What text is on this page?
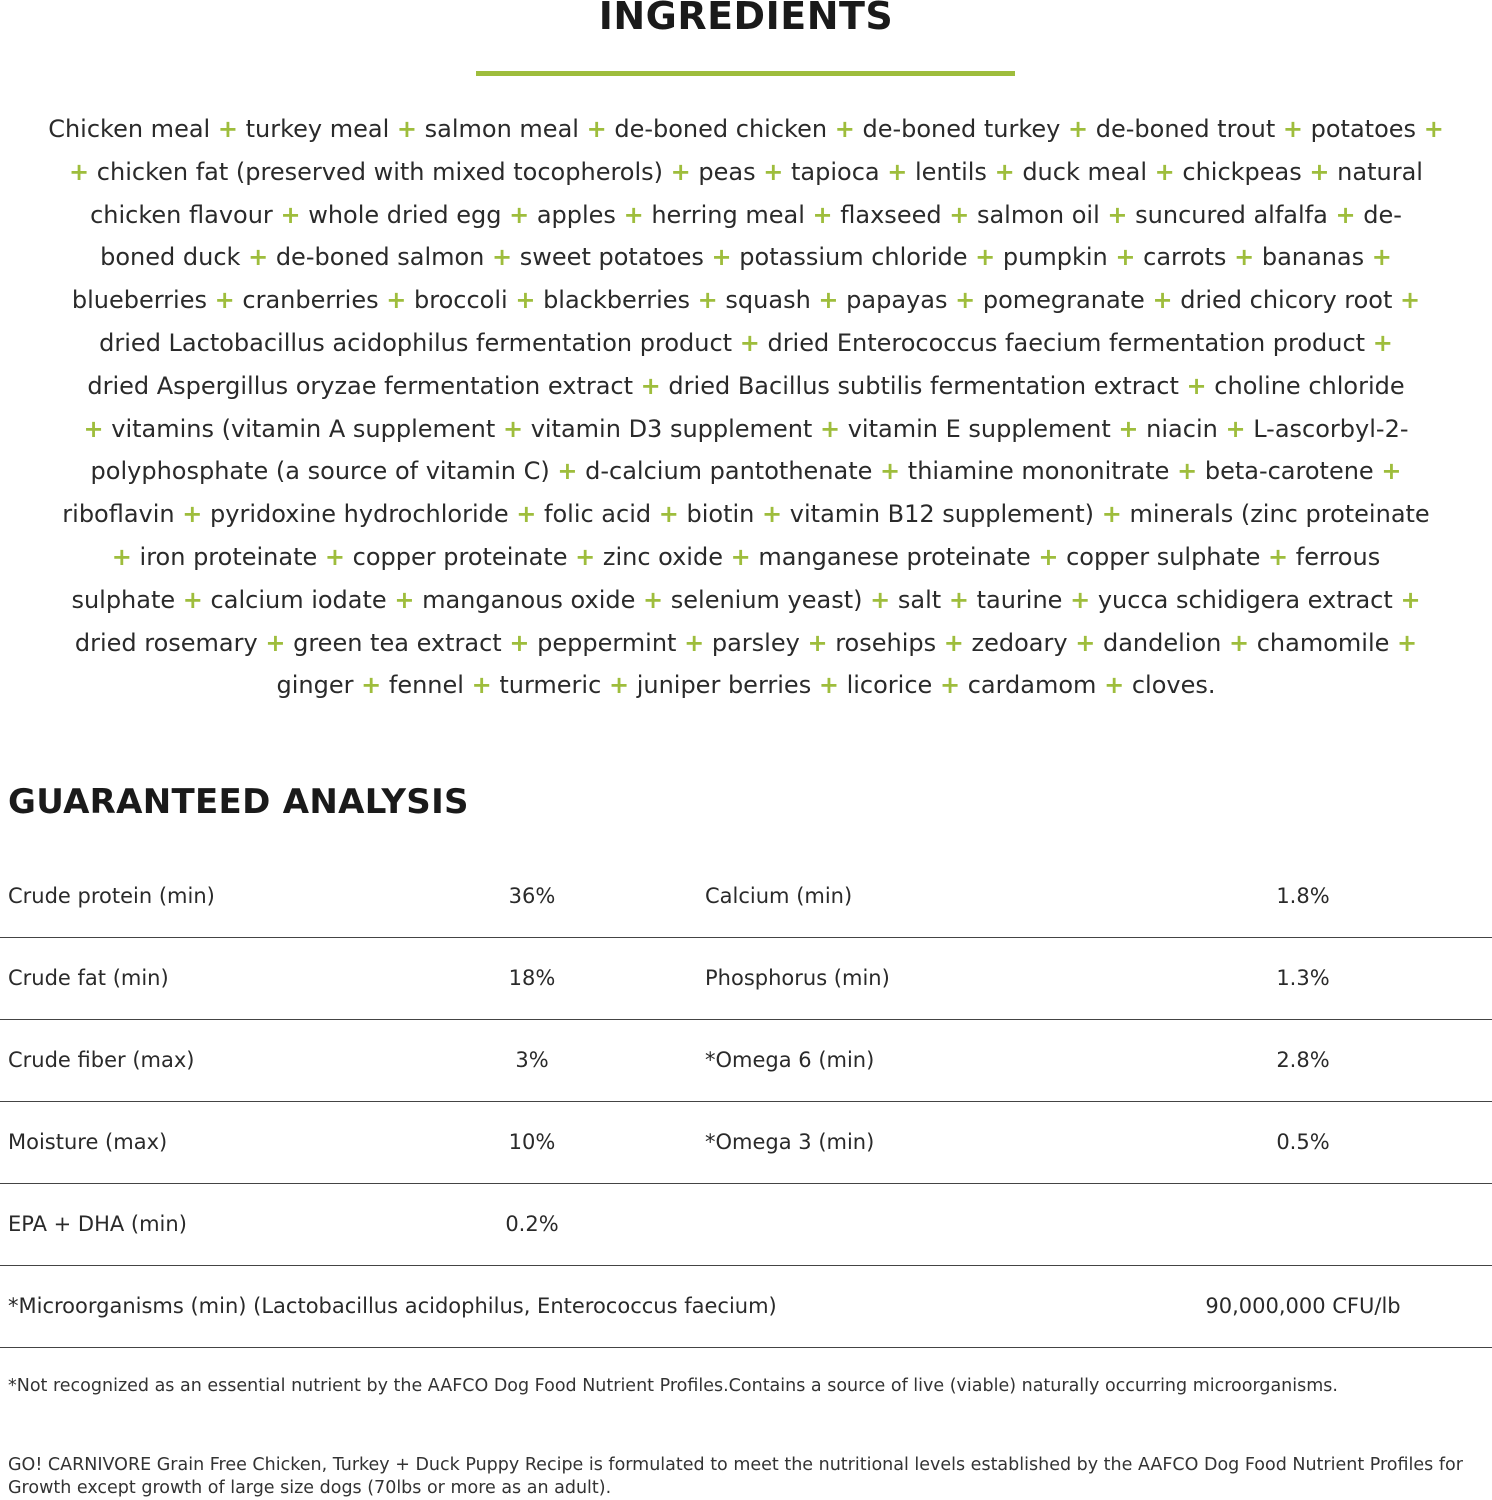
INGREDIENTS

Chicken meal + turkey meal + salmon meal + de-boned chicken + de-boned turkey + de-boned trout + potatoes +
+ chicken fat (preserved with mixed tocopherols) + peas + tapioca + lentils + duck meal + chickpeas + natural
chicken flavour + whole dried egg + apples + herring meal + flaxseed + salmon oil + suncured alfalfa + de-
boned duck + de-boned salmon + sweet potatoes + potassium chloride + pumpkin + carrots + bananas +
blueberries + cranberries + broccoli + blackberries + squash + papayas + pomegranate + dried chicory root +
dried Lactobacillus acidophilus fermentation product + dried Enterococcus faecium fermentation product +
dried Aspergillus oryzae fermentation extract + dried Bacillus subtilis fermentation extract + choline chloride
+ vitamins (vitamin A supplement + vitamin D3 supplement + vitamin E supplement + niacin + L-ascorbyl-2-
polyphosphate (a source of vitamin C) + d-calcium pantothenate + thiamine mononitrate + beta-carotene +
riboflavin + pyridoxine hydrochloride + folic acid + biotin + vitamin B12 supplement) + minerals (zinc proteinate
+ iron proteinate + copper proteinate + zinc oxide + manganese proteinate + copper sulphate + ferrous
sulphate + calcium iodate + manganous oxide + selenium yeast) + salt + taurine + yucca schidigera extract +
dried rosemary + green tea extract + peppermint + parsley + rosehips + zedoary + dandelion + chamomile +
ginger + fennel + turmeric + juniper berries + licorice + cardamom + cloves.

GUARANTEED ANALYSIS
Crude protein (min)	36%	Calcium (min)	1.8%
Crude fat (min)	18%	Phosphorus (min)	1.3%
Crude fiber (max)	3%	*Omega 6 (min)	2.8%
Moisture (max)	10%	*Omega 3 (min)	0.5%
EPA + DHA (min)	0.2%
*Microorganisms (min) (Lactobacillus acidophilus, Enterococcus faecium)	90,000,000 CFU/lb

*Not recognized as an essential nutrient by the AAFCO Dog Food Nutrient Profiles.Contains a source of live (viable) naturally occurring microorganisms.

GO! CARNIVORE Grain Free Chicken, Turkey + Duck Puppy Recipe is formulated to meet the nutritional levels established by the AAFCO Dog Food Nutrient Profiles for Growth except growth of large size dogs (70lbs or more as an adult).
